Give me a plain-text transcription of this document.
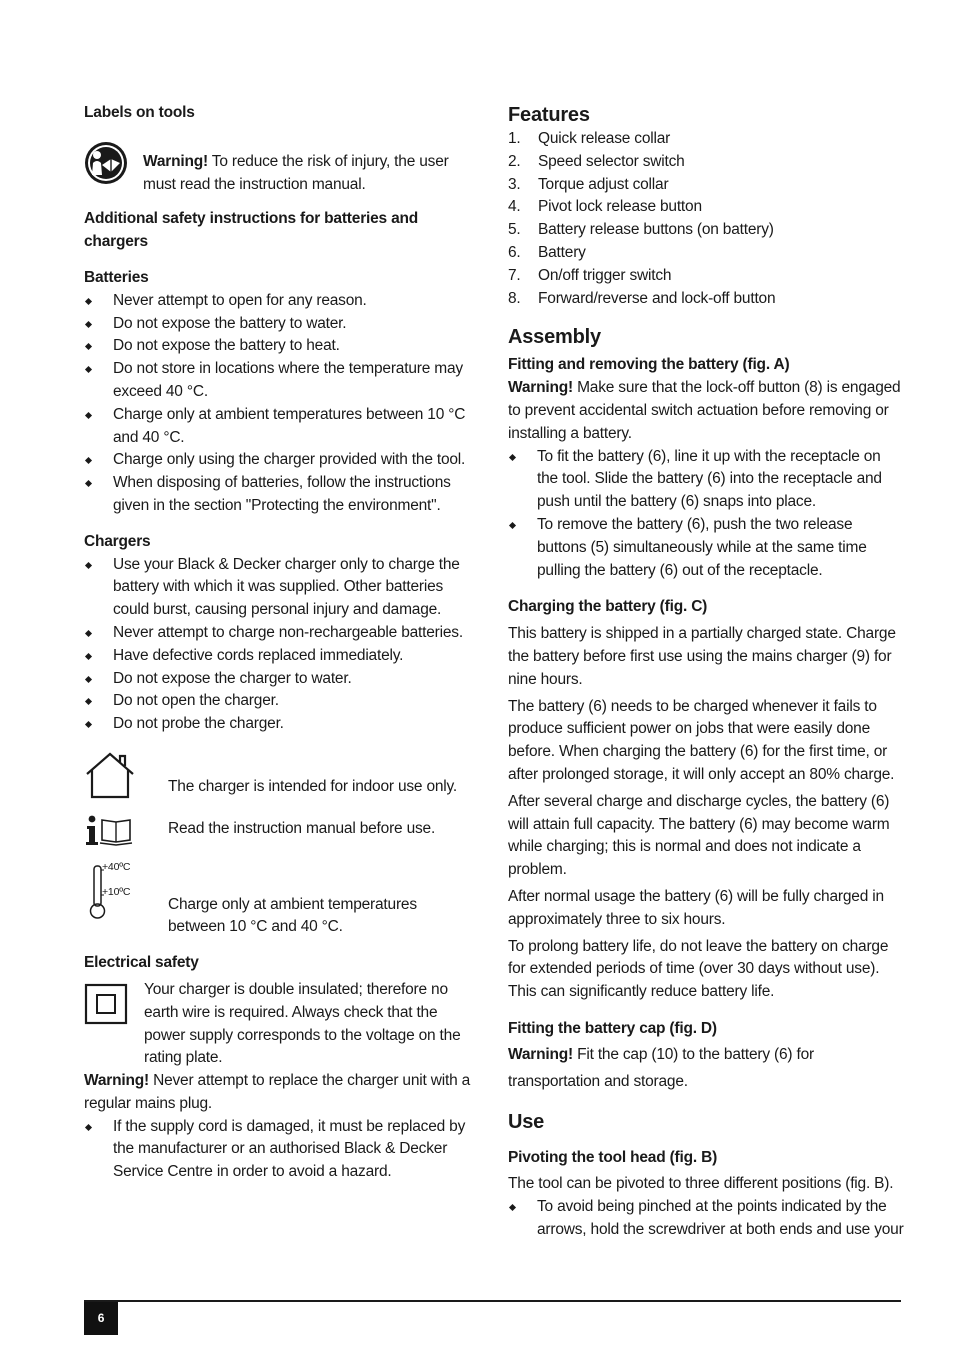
Labels on tools

Warning! To reduce the risk of injury, the user must read the instruction manual.

Additional safety instructions for batteries and chargers
Batteries
Never attempt to open for any reason.
Do not expose the battery to water.
Do not expose the battery to heat.
Do not store in locations where the temperature may exceed 40 °C.
Charge only at ambient temperatures between 10 °C and 40 °C.
Charge only using the charger provided with the tool.
When disposing of batteries, follow the instructions given in the section "Protecting the environment".
Chargers
Use your Black & Decker charger only to charge the battery with which it was supplied. Other batteries could burst, causing personal injury and damage.
Never attempt to charge non-rechargeable batteries.
Have defective cords replaced immediately.
Do not expose the charger to water.
Do not open the charger.
Do not probe the charger.

The charger is intended for indoor use only.

Read the instruction manual before use.

+40ºC
+10ºC

Charge only at ambient temperatures between 10 °C and 40 °C.

Electrical safety

Your charger is double insulated; therefore no earth wire is required. Always check that the power supply corresponds to the voltage on the rating plate.

Warning! Never attempt to replace the charger unit with a regular mains plug.

If the supply cord is damaged, it must be replaced by the manufacturer or an authorised Black & Decker Service Centre in order to avoid a hazard.
Features
1. Quick release collar
2. Speed selector switch
3. Torque adjust collar
4. Pivot lock release button
5. Battery release buttons (on battery)
6. Battery
7. On/off trigger switch
8. Forward/reverse and lock-off button
Assembly
Fitting and removing the battery (fig. A)

Warning! Make sure that the lock-off button (8) is engaged to prevent accidental switch actuation before removing or installing a battery.

To fit the battery (6), line it up with the receptacle on the tool. Slide the battery (6) into the receptacle and push until the battery (6) snaps into place.
To remove the battery (6), push the two release buttons (5) simultaneously while at the same time pulling the battery (6) out of the receptacle.
Charging the battery (fig. C)

This battery is shipped in a partially charged state. Charge the battery before first use using the mains charger (9) for nine hours.

The battery (6) needs to be charged whenever it fails to produce sufficient power on jobs that were easily done before. When charging the battery (6) for the first time, or after prolonged storage, it will only accept an 80% charge.

After several charge and discharge cycles, the battery (6) will attain full capacity. The battery (6) may become warm while charging; this is normal and does not indicate a problem.

After normal usage the battery (6) will be fully charged in approximately three to six hours.

To prolong battery life, do not leave the battery on charge for extended periods of time (over 30 days without use). This can significantly reduce battery life.

Fitting the battery cap (fig. D)

Warning! Fit the cap (10) to the battery (6) for transportation and storage.

Use
Pivoting the tool head (fig. B)

The tool can be pivoted to three different positions (fig. B).

To avoid being pinched at the points indicated by the arrows, hold the screwdriver at both ends and use your
6
